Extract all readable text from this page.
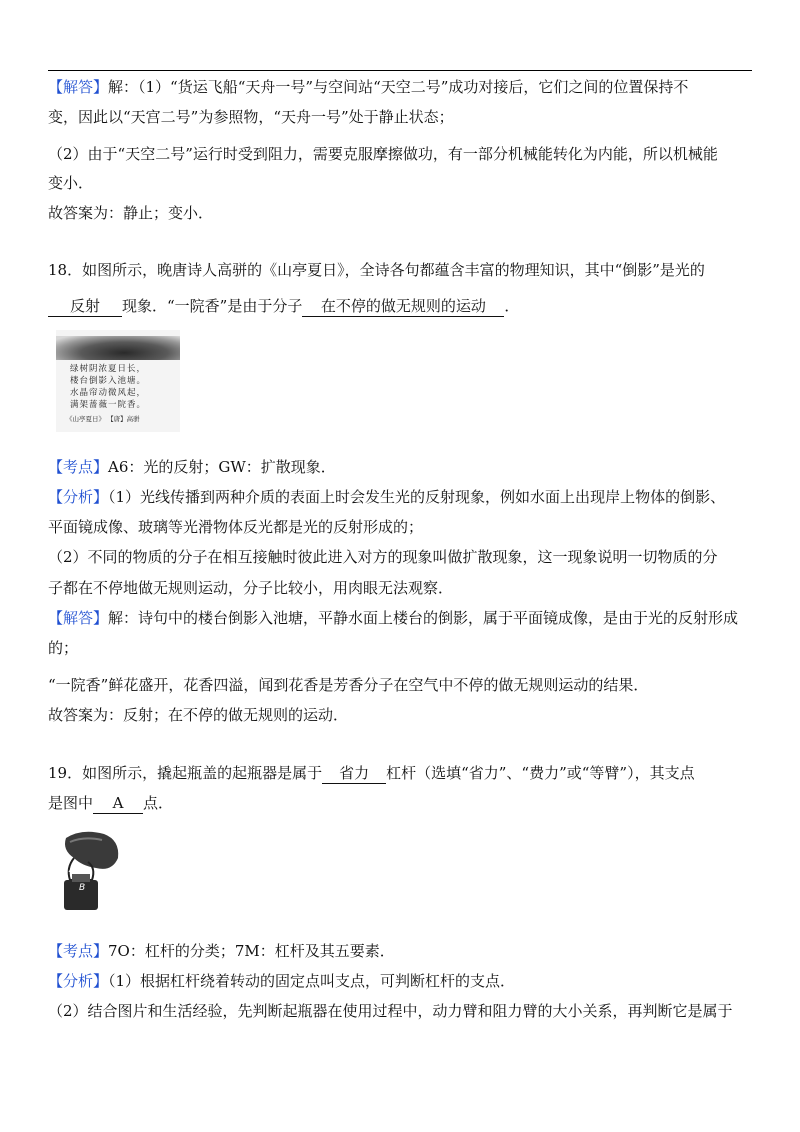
【解答】解：（1）“货运飞船“天舟一号”与空间站“天空二号”成功对接后，它们之间的位置保持不
变，因此以“天宫二号”为参照物，“天舟一号”处于静止状态；
（2）由于“天空二号”运行时受到阻力，需要克服摩擦做功，有一部分机械能转化为内能，所以机械能
变小．
故答案为：静止；变小．
18．如图所示，晚唐诗人高骈的《山亭夏日》，全诗各句都蕴含丰富的物理知识，其中“倒影”是光的
反射 现象．“一院香”是由于分子 在不停的做无规则的运动 ．
绿树阴浓夏日长，
楼台倒影入池塘。
水晶帘动微风起，
满架蔷薇一院香。
《山亭夏日》 【唐】高骈
【考点】A6：光的反射；GW：扩散现象．
【分析】（1）光线传播到两种介质的表面上时会发生光的反射现象，例如水面上出现岸上物体的倒影、
平面镜成像、玻璃等光滑物体反光都是光的反射形成的；
（2）不同的物质的分子在相互接触时彼此进入对方的现象叫做扩散现象，这一现象说明一切物质的分
子都在不停地做无规则运动，分子比较小，用肉眼无法观察．
【解答】解：诗句中的楼台倒影入池塘，平静水面上楼台的倒影，属于平面镜成像，是由于光的反射形成
的；
“一院香”鲜花盛开，花香四溢，闻到花香是芳香分子在空气中不停的做无规则运动的结果．
故答案为：反射；在不停的做无规则的运动．
19．如图所示，撬起瓶盖的起瓶器是属于 省力 杠杆（选填“省力”、“费力”或“等臂”），其支点
是图中 A 点．
A
B
【考点】7O：杠杆的分类；7M：杠杆及其五要素．
【分析】（1）根据杠杆绕着转动的固定点叫支点，可判断杠杆的支点．
（2）结合图片和生活经验，先判断起瓶器在使用过程中，动力臂和阻力臂的大小关系，再判断它是属于
